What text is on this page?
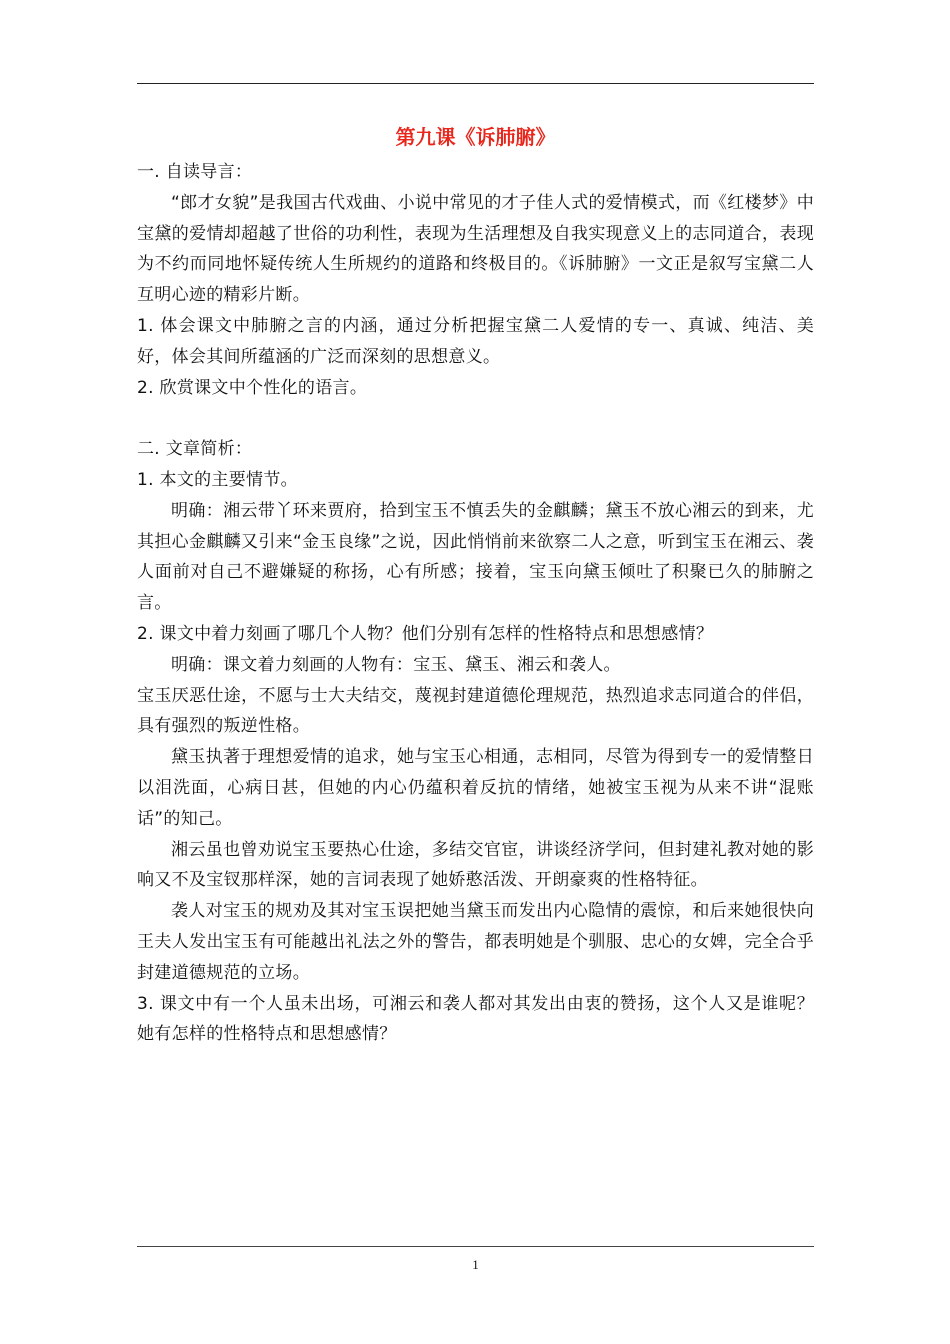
第九课《诉肺腑》

一. 自读导言：

“郎才女貌”是我国古代戏曲、小说中常见的才子佳人式的爱情模式，而《红楼梦》中宝黛的爱情却超越了世俗的功利性，表现为生活理想及自我实现意义上的志同道合，表现为不约而同地怀疑传统人生所规约的道路和终极目的。《诉肺腑》一文正是叙写宝黛二人互明心迹的精彩片断。

1. 体会课文中肺腑之言的内涵，通过分析把握宝黛二人爱情的专一、真诚、纯洁、美好，体会其间所蕴涵的广泛而深刻的思想意义。

2. 欣赏课文中个性化的语言。

二. 文章简析：

1. 本文的主要情节。

明确：湘云带丫环来贾府，拾到宝玉不慎丢失的金麒麟；黛玉不放心湘云的到来，尤其担心金麒麟又引来“金玉良缘”之说，因此悄悄前来欲察二人之意，听到宝玉在湘云、袭人面前对自己不避嫌疑的称扬，心有所感；接着，宝玉向黛玉倾吐了积聚已久的肺腑之言。

2. 课文中着力刻画了哪几个人物？他们分别有怎样的性格特点和思想感情？

明确：课文着力刻画的人物有：宝玉、黛玉、湘云和袭人。

宝玉厌恶仕途，不愿与士大夫结交，蔑视封建道德伦理规范，热烈追求志同道合的伴侣，具有强烈的叛逆性格。

黛玉执著于理想爱情的追求，她与宝玉心相通，志相同，尽管为得到专一的爱情整日以泪洗面，心病日甚，但她的内心仍蕴积着反抗的情绪，她被宝玉视为从来不讲“混账话”的知己。

湘云虽也曾劝说宝玉要热心仕途，多结交官宦，讲谈经济学问，但封建礼教对她的影响又不及宝钗那样深，她的言词表现了她娇憨活泼、开朗豪爽的性格特征。

袭人对宝玉的规劝及其对宝玉误把她当黛玉而发出内心隐情的震惊，和后来她很快向王夫人发出宝玉有可能越出礼法之外的警告，都表明她是个驯服、忠心的女婢，完全合乎封建道德规范的立场。

3. 课文中有一个人虽未出场，可湘云和袭人都对其发出由衷的赞扬，这个人又是谁呢？她有怎样的性格特点和思想感情？

1
